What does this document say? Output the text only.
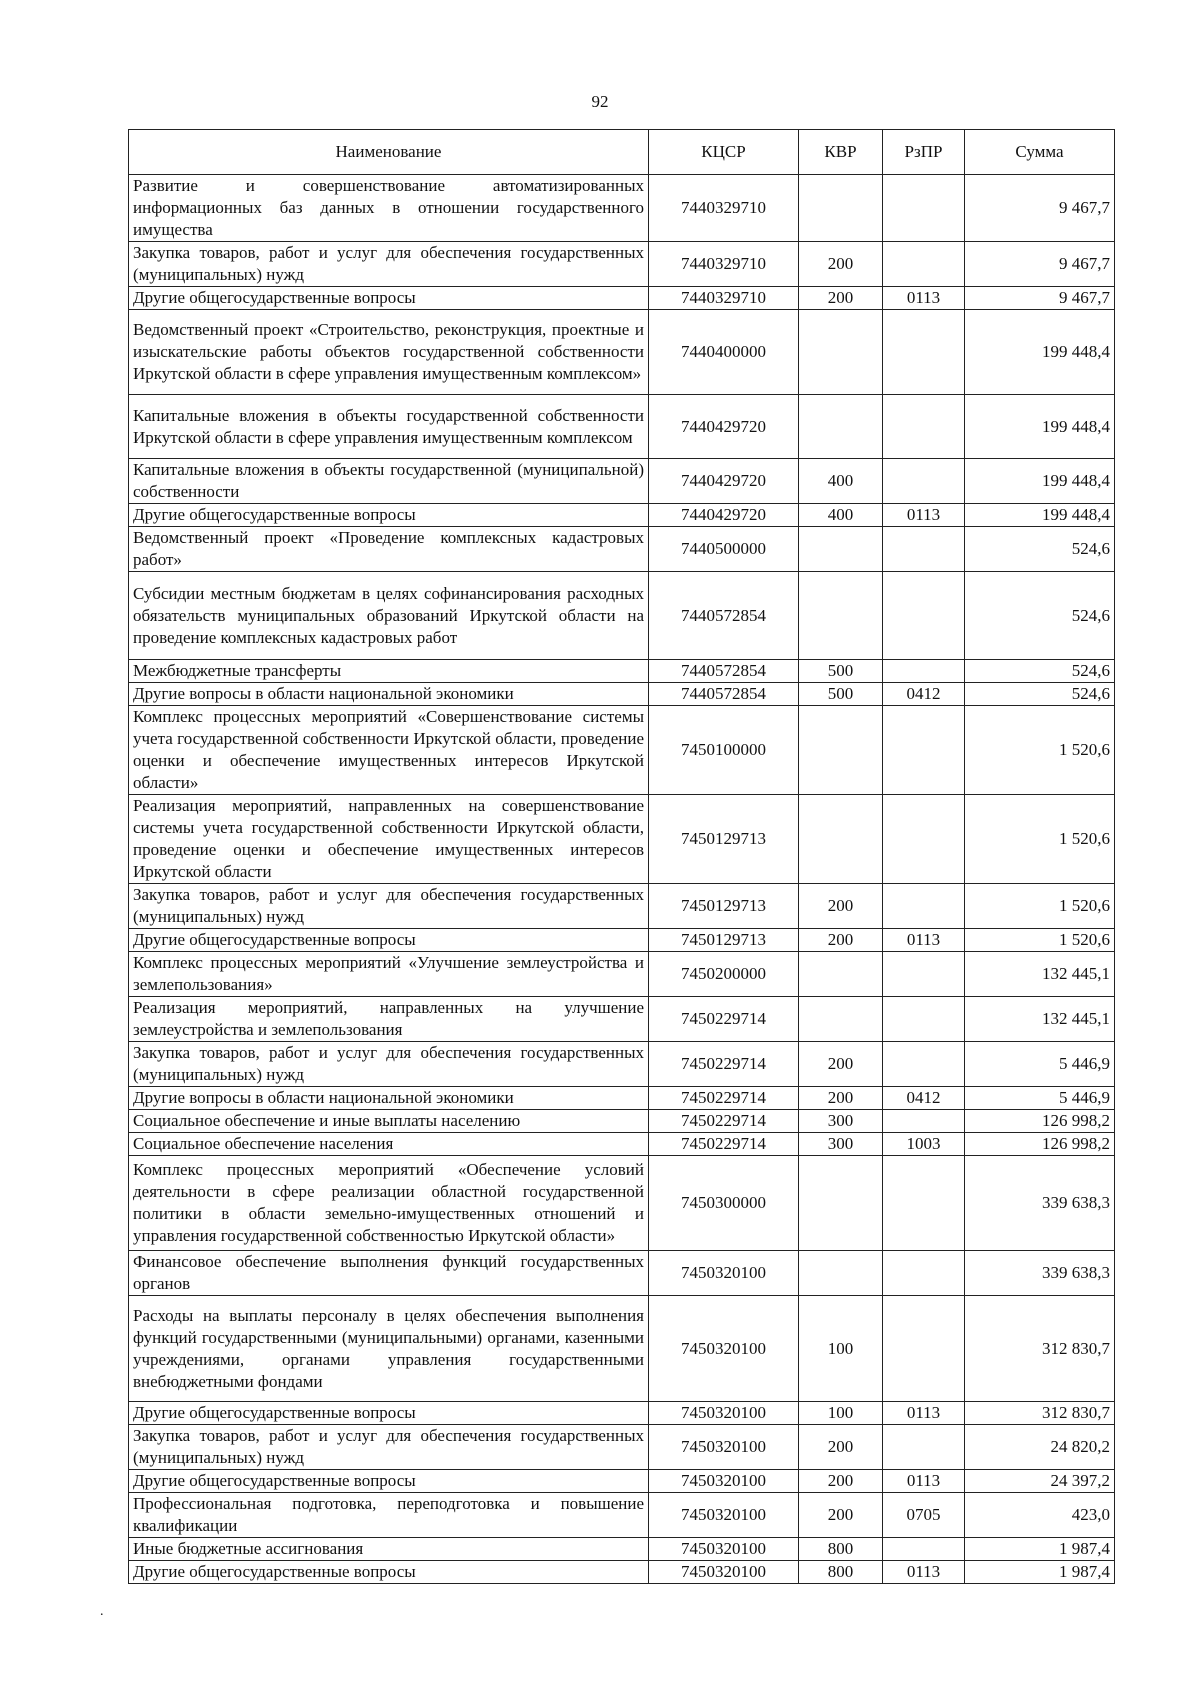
92
Наименование	КЦСР	КВР	РзПР	Сумма
Развитие и совершенствование автоматизированных информационных баз данных в отношении государственного имущества	7440329710			9 467,7
Закупка товаров, работ и услуг для обеспечения государственных (муниципальных) нужд	7440329710	200		9 467,7
Другие общегосударственные вопросы	7440329710	200	0113	9 467,7
Ведомственный проект «Строительство, реконструкция, проектные и изыскательские работы объектов государственной собственности Иркутской области в сфере управления имущественным комплексом»	7440400000			199 448,4
Капитальные вложения в объекты государственной собственности Иркутской области в сфере управления имущественным комплексом	7440429720			199 448,4
Капитальные вложения в объекты государственной (муниципальной) собственности	7440429720	400		199 448,4
Другие общегосударственные вопросы	7440429720	400	0113	199 448,4
Ведомственный проект «Проведение комплексных кадастровых работ»	7440500000			524,6
Субсидии местным бюджетам в целях софинансирования расходных обязательств муниципальных образований Иркутской области на проведение комплексных кадастровых работ	7440572854			524,6
Межбюджетные трансферты	7440572854	500		524,6
Другие вопросы в области национальной экономики	7440572854	500	0412	524,6
Комплекс процессных мероприятий «Совершенствование системы учета государственной собственности Иркутской области, проведение оценки и обеспечение имущественных интересов Иркутской области»	7450100000			1 520,6
Реализация мероприятий, направленных на совершенствование системы учета государственной собственности Иркутской области, проведение оценки и обеспечение имущественных интересов Иркутской области	7450129713			1 520,6
Закупка товаров, работ и услуг для обеспечения государственных (муниципальных) нужд	7450129713	200		1 520,6
Другие общегосударственные вопросы	7450129713	200	0113	1 520,6
Комплекс процессных мероприятий «Улучшение землеустройства и землепользования»	7450200000			132 445,1
Реализация мероприятий, направленных на улучшение землеустройства и землепользования	7450229714			132 445,1
Закупка товаров, работ и услуг для обеспечения государственных (муниципальных) нужд	7450229714	200		5 446,9
Другие вопросы в области национальной экономики	7450229714	200	0412	5 446,9
Социальное обеспечение и иные выплаты населению	7450229714	300		126 998,2
Социальное обеспечение населения	7450229714	300	1003	126 998,2
Комплекс процессных мероприятий «Обеспечение условий деятельности в сфере реализации областной государственной политики в области земельно-имущественных отношений и управления государственной собственностью Иркутской области»	7450300000			339 638,3
Финансовое обеспечение выполнения функций государственных органов	7450320100			339 638,3
Расходы на выплаты персоналу в целях обеспечения выполнения функций государственными (муниципальными) органами, казенными учреждениями, органами управления государственными внебюджетными фондами	7450320100	100		312 830,7
Другие общегосударственные вопросы	7450320100	100	0113	312 830,7
Закупка товаров, работ и услуг для обеспечения государственных (муниципальных) нужд	7450320100	200		24 820,2
Другие общегосударственные вопросы	7450320100	200	0113	24 397,2
Профессиональная подготовка, переподготовка и повышение квалификации	7450320100	200	0705	423,0
Иные бюджетные ассигнования	7450320100	800		1 987,4
Другие общегосударственные вопросы	7450320100	800	0113	1 987,4
.
